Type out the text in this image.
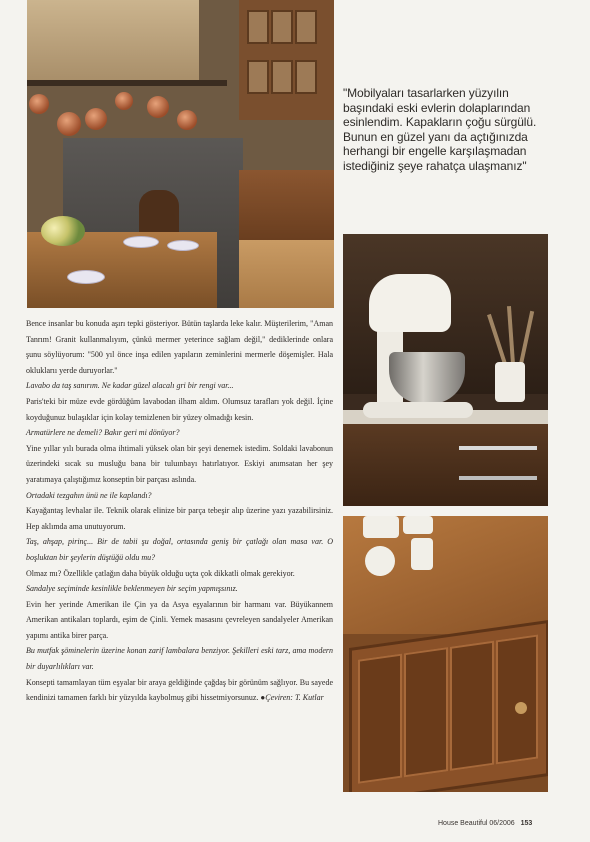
"Mobilyaları tasarlarken yüzyılın başındaki eski evlerin dolaplarından esinlendim. Kapakların çoğu sürgülü. Bunun en güzel yanı da açtığınızda herhangi bir engelle karşılaşmadan istediğiniz şeye rahatça ulaşmanız"

Bence insanlar bu konuda aşırı tepki gösteriyor. Bütün taşlarda leke kalır. Müşterilerim, "Aman Tanrım! Granit kullanmalıyım, çünkü mermer yeterince sağlam değil," dediklerinde onlara şunu söylüyorum: "500 yıl önce inşa edilen yapıların zeminlerini mermerle döşemişler. Hala okluklarıı yerde duruyorlar."

Lavabo da taş sanırım. Ne kadar güzel alacalı gri bir rengi var...

Paris'teki bir müze evde gördüğüm lavabodan ilham aldım. Olumsuz tarafları yok değil. İçine koyduğunuz bulaşıklar için kolay temizlenen bir yüzey olmadığı kesin.

Armatürlere ne demeli? Bakır geri mi dönüyor?

Yine yıllar yılı burada olma ihtimali yüksek olan bir şeyi denemek istedim. Soldaki lavabonun üzerindeki sıcak su musluğu bana bir tuluınbayı hatırlatıyor. Eskiyi anımsatan her şey yaratımaya çalıştığımız konseptin bir parçası aslında.

Ortadaki tezgahın ünü ne ile kaplandı?

Kayağantaş levhalar ile. Teknik olarak elinize bir parça tebeşir alıp üzerine yazı yazabilirsiniz. Hep aklımda ama unutuyorum.

Taş, ahşap, pirinç... Bir de tabii şu doğal, ortasında geniş bir çatlağı olan masa var. O boşluktan bir şeylerin düştüğü oldu mu?

Olmaz mı? Özellikle çatlağın daha büyük olduğu uçta çok dikkatli olmak gerekiyor.

Sandalye seçiminde kesinlikle beklenmeyen bir seçim yapmışsınız.

Evin her yerinde Amerikan ile Çin ya da Asya eşyalarının bir harmanı var. Büyükannem Amerikan antikaları toplardı, eşim de Çinli. Yemek masasını çevreleyen sandalyeler Amerikan yapımı antika birer parça.

Bu mutfak şöminelerin üzerine konan zarif lambalara benziyor. Şekilleri eski tarz, ama modern bir duyarlılıkları var.

Konsepti tamamlayan tüm eşyalar bir araya geldiğinde çağdaş bir görünüm sağlıyor. Bu sayede kendinizi tamamen farklı bir yüzyılda kaybolmuş gibi hissetmiyorsunuz. ● Çeviren: T. Kutlar

House Beautiful 06/2006 153
